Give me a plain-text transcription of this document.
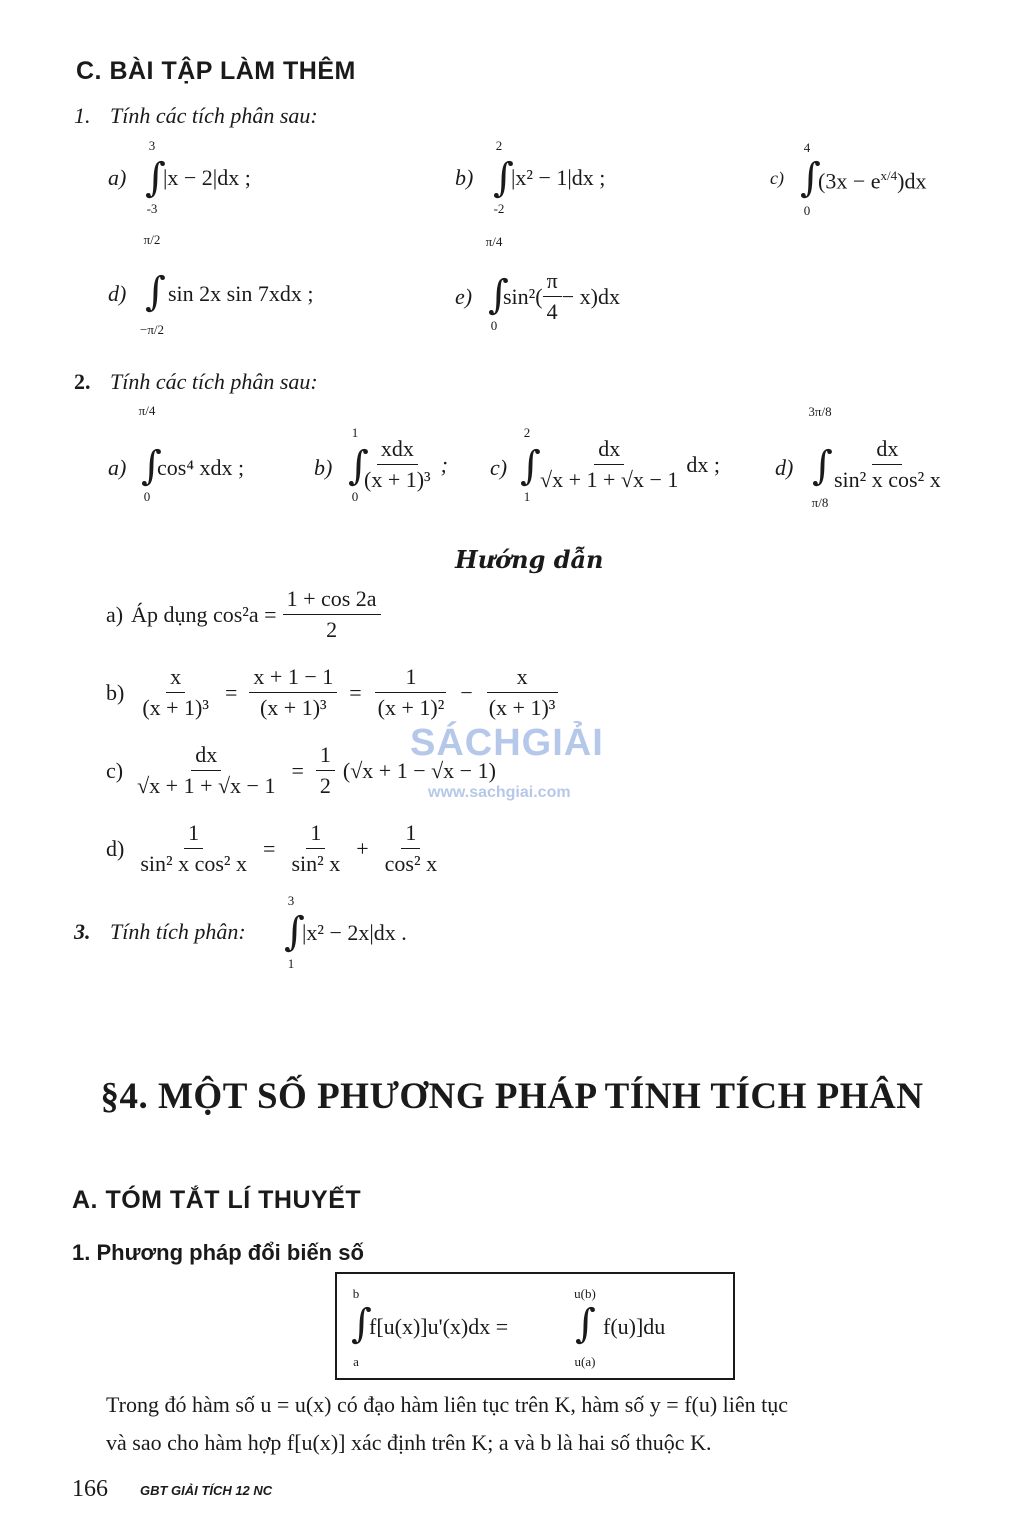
C. BÀI TẬP LÀM THÊM
1. Tính các tích phân sau:
a)
3
∫
-3
|x − 2|dx ;	b)
2
∫
-2
|x² − 1|dx ;	c)
4
∫
0
$(3x - e^{x/4})dx$
d)
π/2
∫
−π/2
sin 2x sin 7xdx ;	e)
π/4
∫
0
$\sin^2( \frac{\pi}{4} - x)dx$
2. Tính các tích phân sau:
a)
π/4
∫
0
cos⁴ xdx ;	b)
1
∫
0
$\frac{\text{xdx}}{\text{(x + 1)³}}$ ; c)
2
∫
1
$\frac{dx}{√x + 1 + √x - 1}$ dx ;	d)
3π/8
∫
π/8
$\frac{dx}{\text{sin² x cos² x}}$
Hướng dẫn
a) Áp dụng $\cos^2a = \frac{1 + \cos 2a}{2}$
$b) \frac{x}{\text{(x + 1)³}} = \frac{x + 1 - 1}{\text{(x + 1)³}} = \frac{1}{\text{(x + 1)²}} - \frac{x}{\text{(x + 1)³}}$
$c) \frac{dx}{√x + 1 + √x - 1} = \frac{1}{2} (√x + 1 - √x - 1)$
$d) \frac{1}{\text{sin² x cos² x}} = \frac{1}{\text{sin² x}} + \frac{1}{\text{cos² x}}$
SÁCHGIẢI
www.sachgiai.com
3. Tính tích phân:
3
∫
1
|x² − 2x|dx .
§4. MỘT SỐ PHƯƠNG PHÁP TÍNH TÍCH PHÂN
A. TÓM TẮT LÍ THUYẾT
1. Phương pháp đổi biến số
b
∫
a
f[u(x)]u'(x)dx =
u(b)
∫
u(a)
f(u)]du
Trong đó hàm số u = u(x) có đạo hàm liên tục trên K, hàm số y = f(u) liên tục
và sao cho hàm hợp f[u(x)] xác định trên K; a và b là hai số thuộc K.
166 GBT GIẢI TÍCH 12 NC
